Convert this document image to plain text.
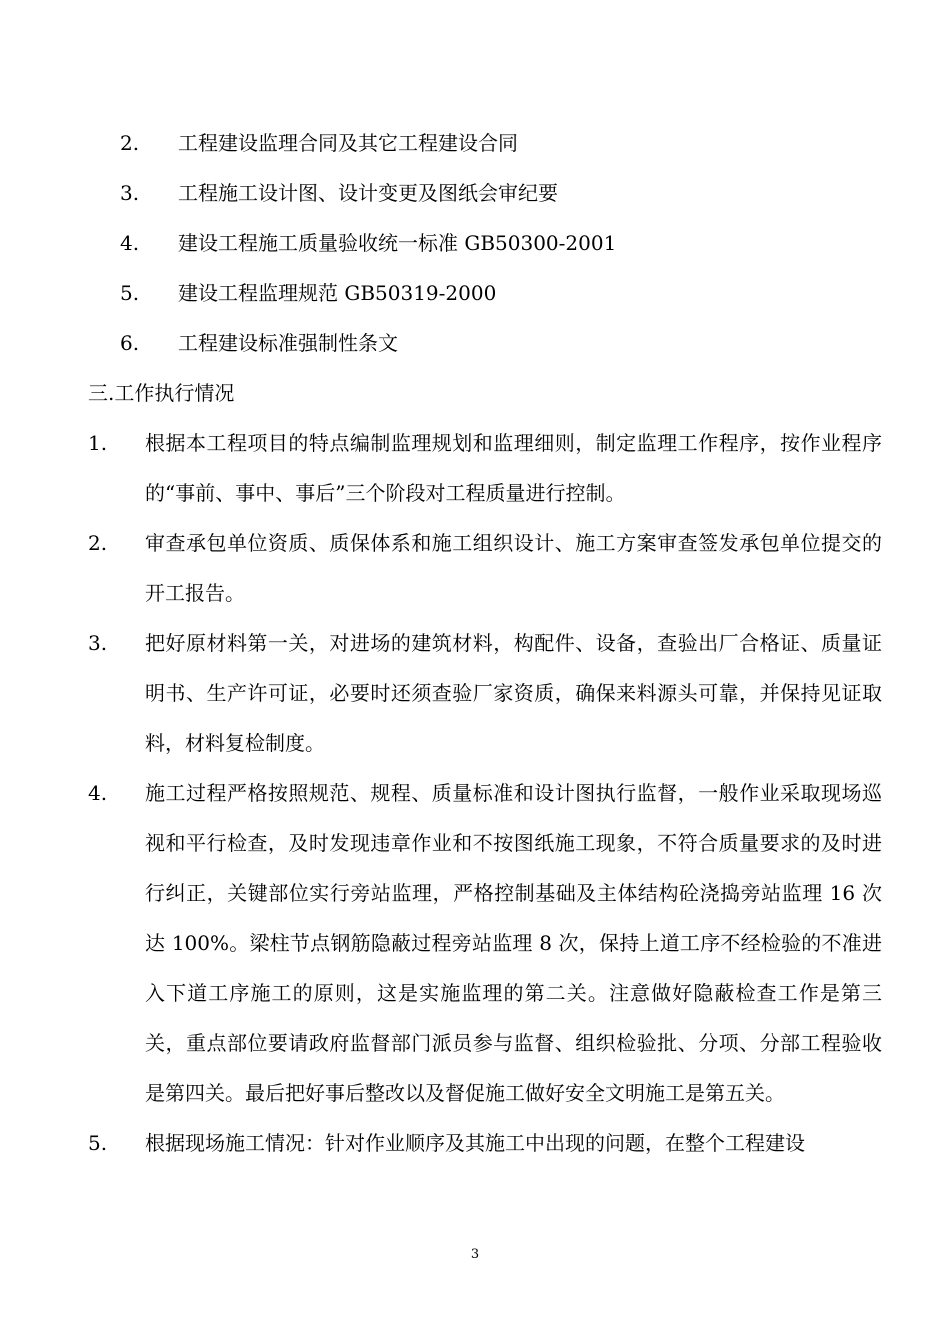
2. 工程建设监理合同及其它工程建设合同
3. 工程施工设计图、设计变更及图纸会审纪要
4. 建设工程施工质量验收统一标准 GB50300-2001
5. 建设工程监理规范 GB50319-2000
6. 工程建设标准强制性条文
三.工作执行情况
1. 根据本工程项目的特点编制监理规划和监理细则，制定监理工作程序，按作业程序的“事前、事中、事后”三个阶段对工程质量进行控制。
2. 审查承包单位资质、质保体系和施工组织设计、施工方案审查签发承包单位提交的开工报告。
3. 把好原材料第一关，对进场的建筑材料，构配件、设备，查验出厂合格证、质量证明书、生产许可证，必要时还须查验厂家资质，确保来料源头可靠，并保持见证取料，材料复检制度。
4. 施工过程严格按照规范、规程、质量标准和设计图执行监督，一般作业采取现场巡视和平行检查，及时发现违章作业和不按图纸施工现象，不符合质量要求的及时进行纠正，关键部位实行旁站监理，严格控制基础及主体结构砼浇捣旁站监理 16 次达 100%。梁柱节点钢筋隐蔽过程旁站监理 8 次，保持上道工序不经检验的不准进入下道工序施工的原则，这是实施监理的第二关。注意做好隐蔽检查工作是第三关，重点部位要请政府监督部门派员参与监督、组织检验批、分项、分部工程验收是第四关。最后把好事后整改以及督促施工做好安全文明施工是第五关。
5. 根据现场施工情况：针对作业顺序及其施工中出现的问题，在整个工程建设
3
